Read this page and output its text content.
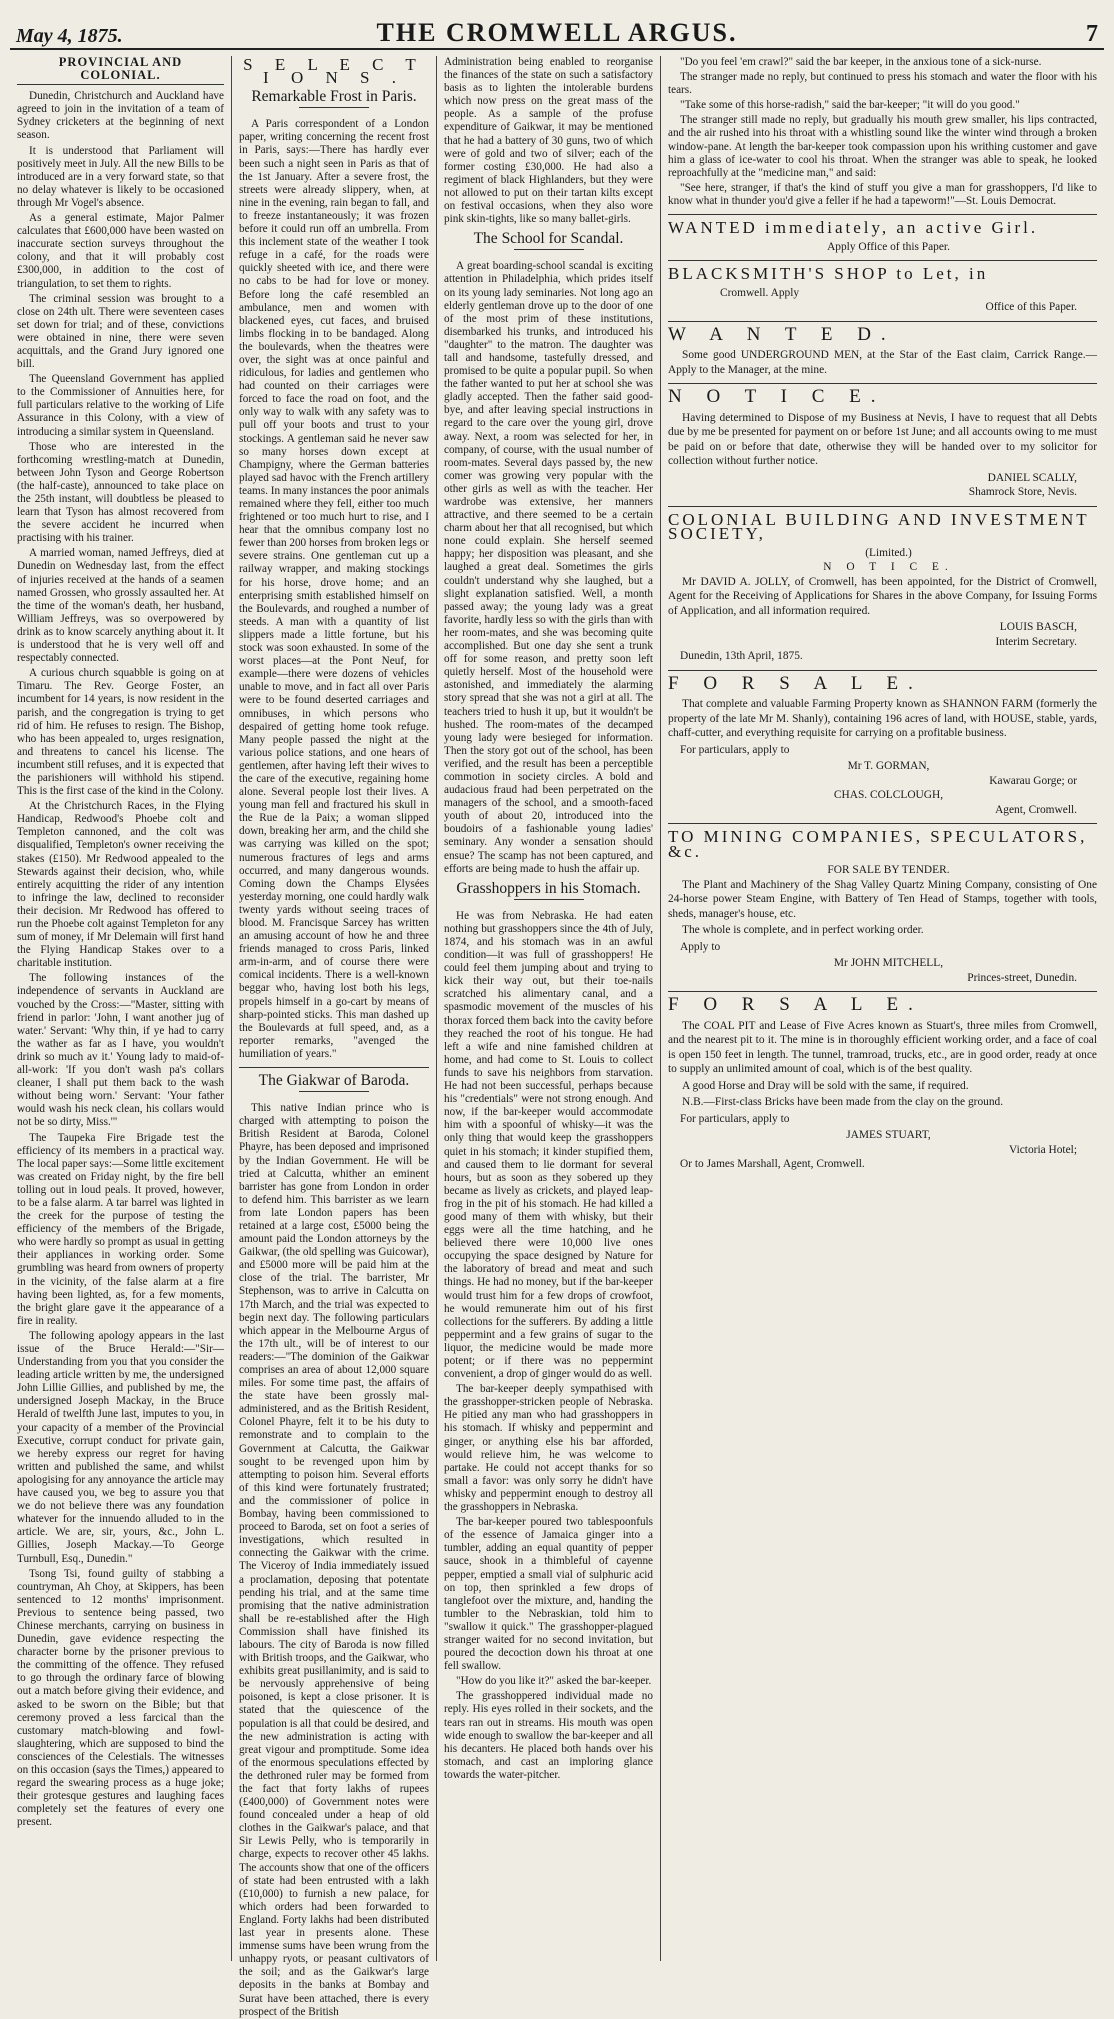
May 4, 1875.	THE CROMWELL ARGUS.	7
PROVINCIAL AND COLONIAL.

Dunedin, Christchurch and Auckland have agreed to join in the invitation of a team of Sydney cricketers at the beginning of next season.

It is understood that Parliament will positively meet in July. All the new Bills to be introduced are in a very forward state, so that no delay whatever is likely to be occasioned through Mr Vogel's absence.

As a general estimate, Major Palmer calculates that £600,000 have been wasted on inaccurate section surveys throughout the colony, and that it will probably cost £300,000, in addition to the cost of triangulation, to set them to rights.

The criminal session was brought to a close on 24th ult. There were seventeen cases set down for trial; and of these, convictions were obtained in nine, there were seven acquittals, and the Grand Jury ignored one bill.

The Queensland Government has applied to the Commissioner of Annuities here, for full particulars relative to the working of Life Assurance in this Colony, with a view of introducing a similar system in Queensland.

Those who are interested in the forthcoming wrestling-match at Dunedin, between John Tyson and George Robertson (the half-caste), announced to take place on the 25th instant, will doubtless be pleased to learn that Tyson has almost recovered from the severe accident he incurred when practising with his trainer.

A married woman, named Jeffreys, died at Dunedin on Wednesday last, from the effect of injuries received at the hands of a seamen named Grossen, who grossly assaulted her. At the time of the woman's death, her husband, William Jeffreys, was so overpowered by drink as to know scarcely anything about it. It is understood that he is very well off and respectably connected.

A curious church squabble is going on at Timaru. The Rev. George Foster, an incumbent for 14 years, is now resident in the parish, and the congregation is trying to get rid of him. He refuses to resign. The Bishop, who has been appealed to, urges resignation, and threatens to cancel his license. The incumbent still refuses, and it is expected that the parishioners will withhold his stipend. This is the first case of the kind in the Colony.

At the Christchurch Races, in the Flying Handicap, Redwood's Phoebe colt and Templeton cannoned, and the colt was disqualified, Templeton's owner receiving the stakes (£150). Mr Redwood appealed to the Stewards against their decision, who, while entirely acquitting the rider of any intention to infringe the law, declined to reconsider their decision. Mr Redwood has offered to run the Phoebe colt against Templeton for any sum of money, if Mr Delemain will first hand the Flying Handicap Stakes over to a charitable institution.

The following instances of the independence of servants in Auckland are vouched by the Cross:—"Master, sitting with friend in parlor: 'John, I want another jug of water.' Servant: 'Why thin, if ye had to carry the wather as far as I have, you wouldn't drink so much av it.' Young lady to maid-of-all-work: 'If you don't wash pa's collars cleaner, I shall put them back to the wash without being worn.' Servant: 'Your father would wash his neck clean, his collars would not be so dirty, Miss.'"

The Taupeka Fire Brigade test the efficiency of its members in a practical way. The local paper says:—Some little excitement was created on Friday night, by the fire bell tolling out in loud peals. It proved, however, to be a false alarm. A tar barrel was lighted in the creek for the purpose of testing the efficiency of the members of the Brigade, who were hardly so prompt as usual in getting their appliances in working order. Some grumbling was heard from owners of property in the vicinity, of the false alarm at a fire having been lighted, as, for a few moments, the bright glare gave it the appearance of a fire in reality.

The following apology appears in the last issue of the Bruce Herald:—"Sir—Understanding from you that you consider the leading article written by me, the undersigned John Lillie Gillies, and published by me, the undersigned Joseph Mackay, in the Bruce Herald of twelfth June last, imputes to you, in your capacity of a member of the Provincial Executive, corrupt conduct for private gain, we hereby express our regret for having written and published the same, and whilst apologising for any annoyance the article may have caused you, we beg to assure you that we do not believe there was any foundation whatever for the innuendo alluded to in the article. We are, sir, yours, &c., John L. Gillies, Joseph Mackay.—To George Turnbull, Esq., Dunedin."

Tsong Tsi, found guilty of stabbing a countryman, Ah Choy, at Skippers, has been sentenced to 12 months' imprisonment. Previous to sentence being passed, two Chinese merchants, carrying on business in Dunedin, gave evidence respecting the character borne by the prisoner previous to the committing of the offence. They refused to go through the ordinary farce of blowing out a match before giving their evidence, and asked to be sworn on the Bible; but that ceremony proved a less farcical than the customary match-blowing and fowl-slaughtering, which are supposed to bind the consciences of the Celestials. The witnesses on this occasion (says the Times,) appeared to regard the swearing process as a huge joke; their grotesque gestures and laughing faces completely set the features of every one present.

S E L E C T I O N S .
Remarkable Frost in Paris.

A Paris correspondent of a London paper, writing concerning the recent frost in Paris, says:—There has hardly ever been such a night seen in Paris as that of the 1st January. After a severe frost, the streets were already slippery, when, at nine in the evening, rain began to fall, and to freeze instantaneously; it was frozen before it could run off an umbrella. From this inclement state of the weather I took refuge in a café, for the roads were quickly sheeted with ice, and there were no cabs to be had for love or money. Before long the café resembled an ambulance, men and women with blackened eyes, cut faces, and bruised limbs flocking in to be bandaged. Along the boulevards, when the theatres were over, the sight was at once painful and ridiculous, for ladies and gentlemen who had counted on their carriages were forced to face the road on foot, and the only way to walk with any safety was to pull off your boots and trust to your stockings. A gentleman said he never saw so many horses down except at Champigny, where the German batteries played sad havoc with the French artillery teams. In many instances the poor animals remained where they fell, either too much frightened or too much hurt to rise, and I hear that the omnibus company lost no fewer than 200 horses from broken legs or severe strains. One gentleman cut up a railway wrapper, and making stockings for his horse, drove home; and an enterprising smith established himself on the Boulevards, and roughed a number of steeds. A man with a quantity of list slippers made a little fortune, but his stock was soon exhausted. In some of the worst places—at the Pont Neuf, for example—there were dozens of vehicles unable to move, and in fact all over Paris were to be found deserted carriages and omnibuses, in which persons who despaired of getting home took refuge. Many people passed the night at the various police stations, and one hears of gentlemen, after having left their wives to the care of the executive, regaining home alone. Several people lost their lives. A young man fell and fractured his skull in the Rue de la Paix; a woman slipped down, breaking her arm, and the child she was carrying was killed on the spot; numerous fractures of legs and arms occurred, and many dangerous wounds. Coming down the Champs Elysées yesterday morning, one could hardly walk twenty yards without seeing traces of blood. M. Francisque Sarcey has written an amusing account of how he and three friends managed to cross Paris, linked arm-in-arm, and of course there were comical incidents. There is a well-known beggar who, having lost both his legs, propels himself in a go-cart by means of sharp-pointed sticks. This man dashed up the Boulevards at full speed, and, as a reporter remarks, "avenged the humiliation of years."

The Giakwar of Baroda.

This native Indian prince who is charged with attempting to poison the British Resident at Baroda, Colonel Phayre, has been deposed and imprisoned by the Indian Government. He will be tried at Calcutta, whither an eminent barrister has gone from London in order to defend him. This barrister as we learn from late London papers has been retained at a large cost, £5000 being the amount paid the London attorneys by the Gaikwar, (the old spelling was Guicowar), and £5000 more will be paid him at the close of the trial. The barrister, Mr Stephenson, was to arrive in Calcutta on 17th March, and the trial was expected to begin next day. The following particulars which appear in the Melbourne Argus of the 17th ult., will be of interest to our readers:—"The dominion of the Gaikwar comprises an area of about 12,000 square miles. For some time past, the affairs of the state have been grossly mal-administered, and as the British Resident, Colonel Phayre, felt it to be his duty to remonstrate and to complain to the Government at Calcutta, the Gaikwar sought to be revenged upon him by attempting to poison him. Several efforts of this kind were fortunately frustrated; and the commissioner of police in Bombay, having been commissioned to proceed to Baroda, set on foot a series of investigations, which resulted in connecting the Gaikwar with the crime. The Viceroy of India immediately issued a proclamation, deposing that potentate pending his trial, and at the same time promising that the native administration shall be re-established after the High Commission shall have finished its labours. The city of Baroda is now filled with British troops, and the Gaikwar, who exhibits great pusillanimity, and is said to be nervously apprehensive of being poisoned, is kept a close prisoner. It is stated that the quiescence of the population is all that could be desired, and the new administration is acting with great vigour and promptitude. Some idea of the enormous speculations effected by the dethroned ruler may be formed from the fact that forty lakhs of rupees (£400,000) of Government notes were found concealed under a heap of old clothes in the Gaikwar's palace, and that Sir Lewis Pelly, who is temporarily in charge, expects to recover other 45 lakhs. The accounts show that one of the officers of state had been entrusted with a lakh (£10,000) to furnish a new palace, for which orders had been forwarded to England. Forty lakhs had been distributed last year in presents alone. These immense sums have been wrung from the unhappy ryots, or peasant cultivators of the soil; and as the Gaikwar's large deposits in the banks at Bombay and Surat have been attached, there is every prospect of the British

Administration being enabled to reorganise the finances of the state on such a satisfactory basis as to lighten the intolerable burdens which now press on the great mass of the people. As a sample of the profuse expenditure of Gaikwar, it may be mentioned that he had a battery of 30 guns, two of which were of gold and two of silver; each of the former costing £30,000. He had also a regiment of black Highlanders, but they were not allowed to put on their tartan kilts except on festival occasions, when they also wore pink skin-tights, like so many ballet-girls.

The School for Scandal.

A great boarding-school scandal is exciting attention in Philadelphia, which prides itself on its young lady seminaries. Not long ago an elderly gentleman drove up to the door of one of the most prim of these institutions, disembarked his trunks, and introduced his "daughter" to the matron. The daughter was tall and handsome, tastefully dressed, and promised to be quite a popular pupil. So when the father wanted to put her at school she was gladly accepted. Then the father said good-bye, and after leaving special instructions in regard to the care over the young girl, drove away. Next, a room was selected for her, in company, of course, with the usual number of room-mates. Several days passed by, the new comer was growing very popular with the other girls as well as with the teacher. Her wardrobe was extensive, her manners attractive, and there seemed to be a certain charm about her that all recognised, but which none could explain. She herself seemed happy; her disposition was pleasant, and she laughed a great deal. Sometimes the girls couldn't understand why she laughed, but a slight explanation satisfied. Well, a month passed away; the young lady was a great favorite, hardly less so with the girls than with her room-mates, and she was becoming quite accomplished. But one day she sent a trunk off for some reason, and pretty soon left quietly herself. Most of the household were astonished, and immediately the alarming story spread that she was not a girl at all. The teachers tried to hush it up, but it wouldn't be hushed. The room-mates of the decamped young lady were besieged for information. Then the story got out of the school, has been verified, and the result has been a perceptible commotion in society circles. A bold and audacious fraud had been perpetrated on the managers of the school, and a smooth-faced youth of about 20, introduced into the boudoirs of a fashionable young ladies' seminary. Any wonder a sensation should ensue? The scamp has not been captured, and efforts are being made to hush the affair up.

Grasshoppers in his Stomach.

He was from Nebraska. He had eaten nothing but grasshoppers since the 4th of July, 1874, and his stomach was in an awful condition—it was full of grasshoppers! He could feel them jumping about and trying to kick their way out, but their toe-nails scratched his alimentary canal, and a spasmodic movement of the muscles of his thorax forced them back into the cavity before they reached the root of his tongue. He had left a wife and nine famished children at home, and had come to St. Louis to collect funds to save his neighbors from starvation. He had not been successful, perhaps because his "credentials" were not strong enough. And now, if the bar-keeper would accommodate him with a spoonful of whisky—it was the only thing that would keep the grasshoppers quiet in his stomach; it kinder stupified them, and caused them to lie dormant for several hours, but as soon as they sobered up they became as lively as crickets, and played leap-frog in the pit of his stomach. He had killed a good many of them with whisky, but their eggs were all the time hatching, and he believed there were 10,000 live ones occupying the space designed by Nature for the laboratory of bread and meat and such things. He had no money, but if the bar-keeper would trust him for a few drops of crowfoot, he would remunerate him out of his first collections for the sufferers. By adding a little peppermint and a few grains of sugar to the liquor, the medicine would be made more potent; or if there was no peppermint convenient, a drop of ginger would do as well.

The bar-keeper deeply sympathised with the grasshopper-stricken people of Nebraska. He pitied any man who had grasshoppers in his stomach. If whisky and peppermint and ginger, or anything else his bar afforded, would relieve him, he was welcome to partake. He could not accept thanks for so small a favor: was only sorry he didn't have whisky and peppermint enough to destroy all the grasshoppers in Nebraska.

The bar-keeper poured two tablespoonfuls of the essence of Jamaica ginger into a tumbler, adding an equal quantity of pepper sauce, shook in a thimbleful of cayenne pepper, emptied a small vial of sulphuric acid on top, then sprinkled a few drops of tanglefoot over the mixture, and, handing the tumbler to the Nebraskian, told him to "swallow it quick." The grasshopper-plagued stranger waited for no second invitation, but poured the decoction down his throat at one fell swallow.

"How do you like it?" asked the bar-keeper.

The grasshoppered individual made no reply. His eyes rolled in their sockets, and the tears ran out in streams. His mouth was open wide enough to swallow the bar-keeper and all his decanters. He placed both hands over his stomach, and cast an imploring glance towards the water-pitcher.

"Do you feel 'em crawl?" said the bar keeper, in the anxious tone of a sick-nurse.

The stranger made no reply, but continued to press his stomach and water the floor with his tears.

"Take some of this horse-radish," said the bar-keeper; "it will do you good."

The stranger still made no reply, but gradually his mouth grew smaller, his lips contracted, and the air rushed into his throat with a whistling sound like the winter wind through a broken window-pane. At length the bar-keeper took compassion upon his writhing customer and gave him a glass of ice-water to cool his throat. When the stranger was able to speak, he looked reproachfully at the "medicine man," and said:

"See here, stranger, if that's the kind of stuff you give a man for grasshoppers, I'd like to know what in thunder you'd give a feller if he had a tapeworm!"—St. Louis Democrat.

WANTED immediately, an active Girl.

Apply Office of this Paper.

BLACKSMITH'S SHOP to Let, in

Cromwell. Apply

Office of this Paper.

W A N T E D.

Some good UNDERGROUND MEN, at the Star of the East claim, Carrick Range.—Apply to the Manager, at the mine.

N O T I C E.

Having determined to Dispose of my Business at Nevis, I have to request that all Debts due by me be presented for payment on or before 1st June; and all accounts owing to me must be paid on or before that date, otherwise they will be handed over to my solicitor for collection without further notice.

DANIEL SCALLY,

Shamrock Store, Nevis.

COLONIAL BUILDING AND INVESTMENT SOCIETY,

(Limited.)

N O T I C E.

Mr DAVID A. JOLLY, of Cromwell, has been appointed, for the District of Cromwell, Agent for the Receiving of Applications for Shares in the above Company, for Issuing Forms of Application, and all information required.

LOUIS BASCH,

Interim Secretary.

Dunedin, 13th April, 1875.

F O R S A L E.

That complete and valuable Farming Property known as SHANNON FARM (formerly the property of the late Mr M. Shanly), containing 196 acres of land, with HOUSE, stable, yards, chaff-cutter, and everything requisite for carrying on a profitable business.

For particulars, apply to

Mr T. GORMAN,

Kawarau Gorge; or

CHAS. COLCLOUGH,

Agent, Cromwell.

TO MINING COMPANIES, SPECULATORS, &c.

FOR SALE BY TENDER.

The Plant and Machinery of the Shag Valley Quartz Mining Company, consisting of One 24-horse power Steam Engine, with Battery of Ten Head of Stamps, together with tools, sheds, manager's house, etc.

The whole is complete, and in perfect working order.

Apply to

Mr JOHN MITCHELL,

Princes-street, Dunedin.

F O R S A L E.

The COAL PIT and Lease of Five Acres known as Stuart's, three miles from Cromwell, and the nearest pit to it. The mine is in thoroughly efficient working order, and a face of coal is open 150 feet in length. The tunnel, tramroad, trucks, etc., are in good order, ready at once to supply an unlimited amount of coal, which is of the best quality.

A good Horse and Dray will be sold with the same, if required.

N.B.—First-class Bricks have been made from the clay on the ground.

For particulars, apply to

JAMES STUART,

Victoria Hotel;

Or to James Marshall, Agent, Cromwell.
